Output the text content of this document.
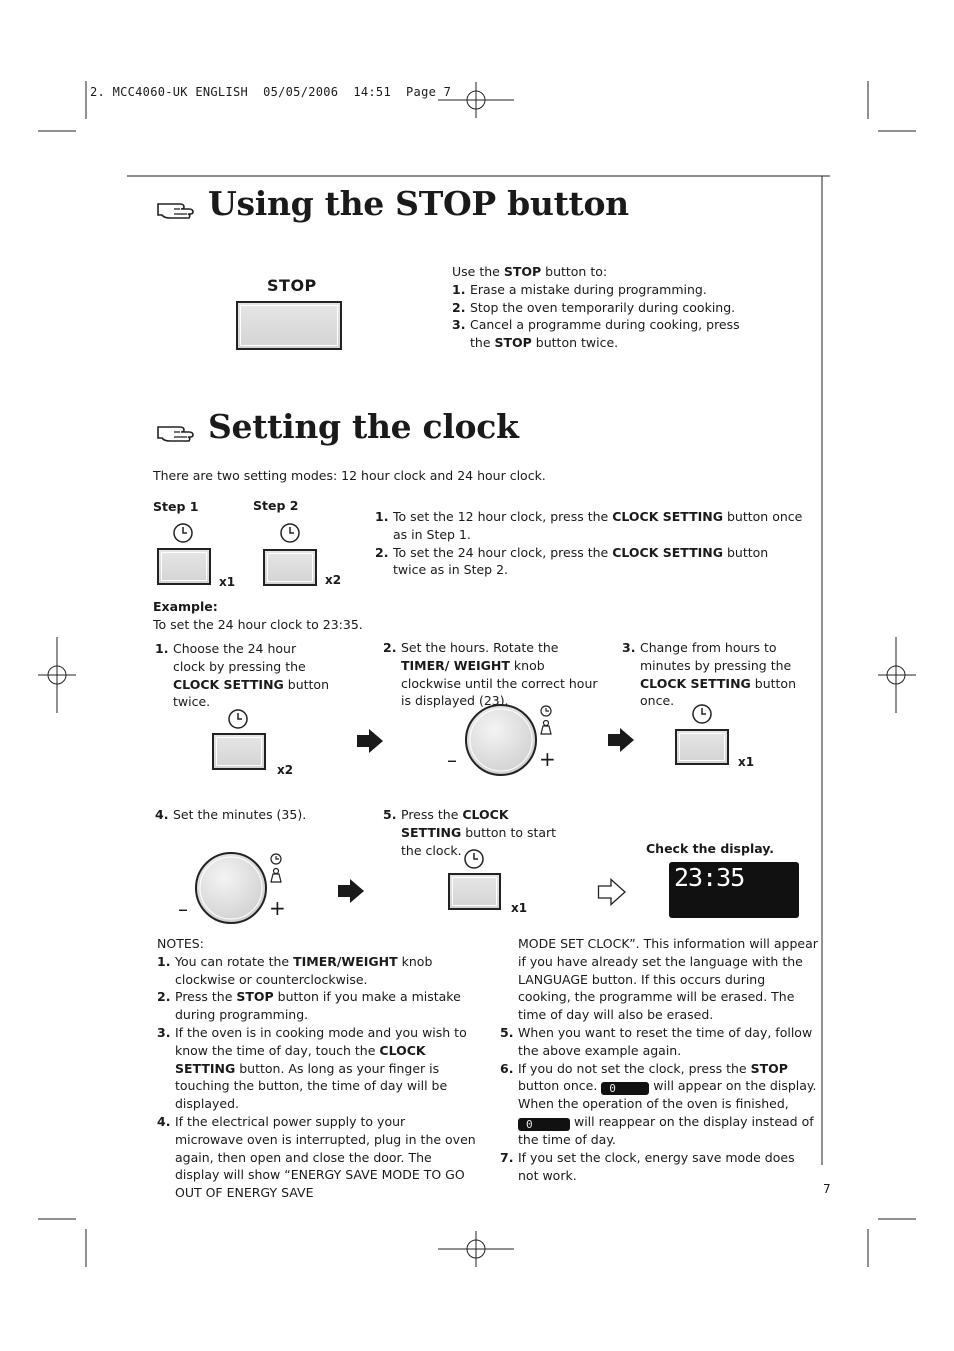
2. MCC4060-UK ENGLISH  05/05/2006  14:51  Page 7
Using the STOP button
STOP
Use the STOP button to:
1. Erase a mistake during programming.
2. Stop the oven temporarily during cooking.
3. Cancel a programme during cooking, press the STOP button twice.
Setting the clock
There are two setting modes: 12 hour clock and 24 hour clock.
Step 1	Step 2
x1	x2
1. To set the 12 hour clock, press the CLOCK SETTING button once as in Step 1.
2. To set the 24 hour clock, press the CLOCK SETTING button twice as in Step 2.
Example:
To set the 24 hour clock to 23:35.
1. Choose the 24 hour clock by pressing the CLOCK SETTING button twice.
2. Set the hours. Rotate the TIMER/ WEIGHT knob clockwise until the correct hour is displayed (23).
3. Change from hours to minutes by pressing the CLOCK SETTING button once.
x2	–	+	x1
4. Set the minutes (35).	5. Press the CLOCK SETTING button to start the clock.	Check the display.
–	+	x1
23:35
NOTES:
1. You can rotate the TIMER/WEIGHT knob clockwise or counterclockwise.
2. Press the STOP button if you make a mistake during programming.
3. If the oven is in cooking mode and you wish to know the time of day, touch the CLOCK SETTING button. As long as your finger is touching the button, the time of day will be displayed.
4. If the electrical power supply to your microwave oven is interrupted, plug in the oven again, then open and close the door. The display will show “ENERGY SAVE MODE TO GO OUT OF ENERGY SAVE
MODE SET CLOCK”. This information will appear if you have already set the language with the LANGUAGE button. If this occurs during cooking, the programme will be erased. The time of day will also be erased.
5. When you want to reset the time of day, follow the above example again.
6. If you do not set the clock, press the STOP button once. 0	will appear on the display. When the operation of the oven is finished, 0	will reappear on the display instead of the time of day.
7. If you set the clock, energy save mode does not work.
7
